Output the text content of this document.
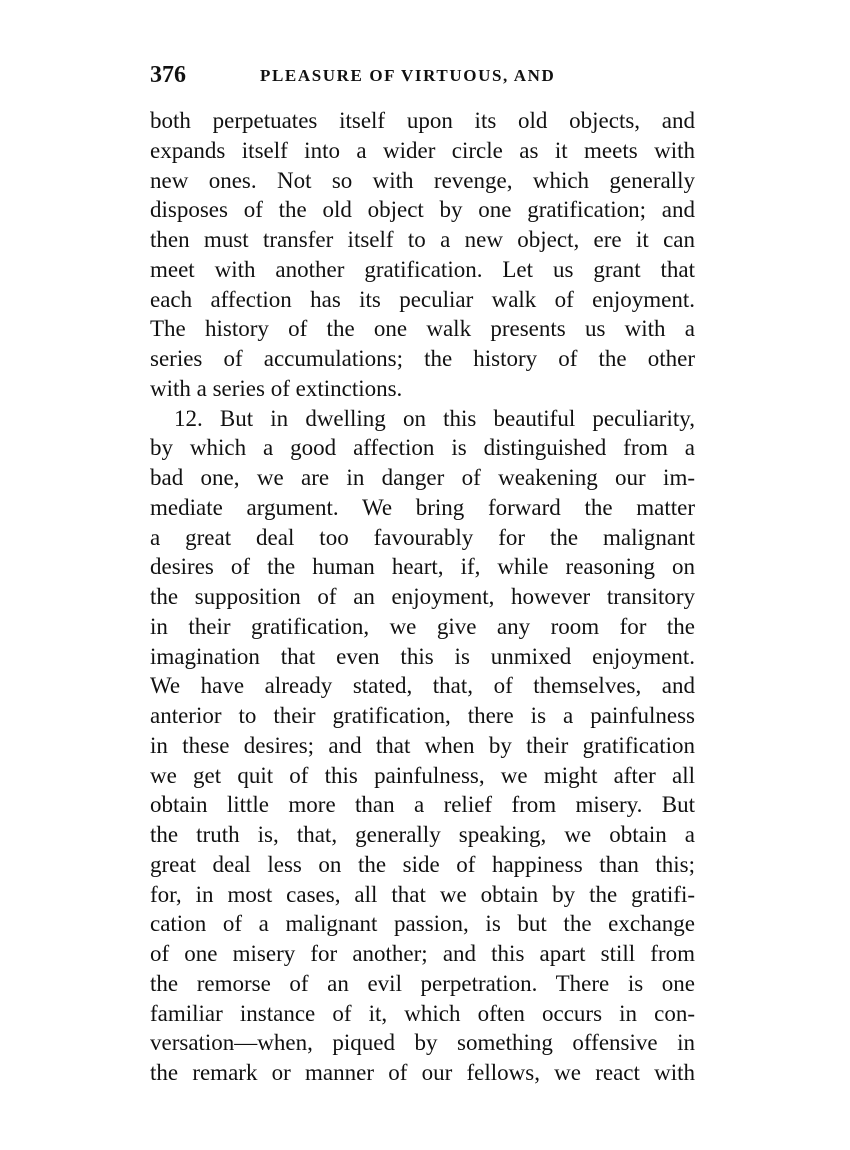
376	PLEASURE OF VIRTUOUS, AND
both perpetuates itself upon its old objects, and
expands itself into a wider circle as it meets with
new ones. Not so with revenge, which generally
disposes of the old object by one gratification; and
then must transfer itself to a new object, ere it can
meet with another gratification. Let us grant that
each affection has its peculiar walk of enjoyment.
The history of the one walk presents us with a
series of accumulations; the history of the other
with a series of extinctions.
12. But in dwelling on this beautiful peculiarity,
by which a good affection is distinguished from a
bad one, we are in danger of weakening our im-
mediate argument. We bring forward the matter
a great deal too favourably for the malignant
desires of the human heart, if, while reasoning on
the supposition of an enjoyment, however transitory
in their gratification, we give any room for the
imagination that even this is unmixed enjoyment.
We have already stated, that, of themselves, and
anterior to their gratification, there is a painfulness
in these desires; and that when by their gratification
we get quit of this painfulness, we might after all
obtain little more than a relief from misery. But
the truth is, that, generally speaking, we obtain a
great deal less on the side of happiness than this;
for, in most cases, all that we obtain by the gratifi-
cation of a malignant passion, is but the exchange
of one misery for another; and this apart still from
the remorse of an evil perpetration. There is one
familiar instance of it, which often occurs in con-
versation—when, piqued by something offensive in
the remark or manner of our fellows, we react with
